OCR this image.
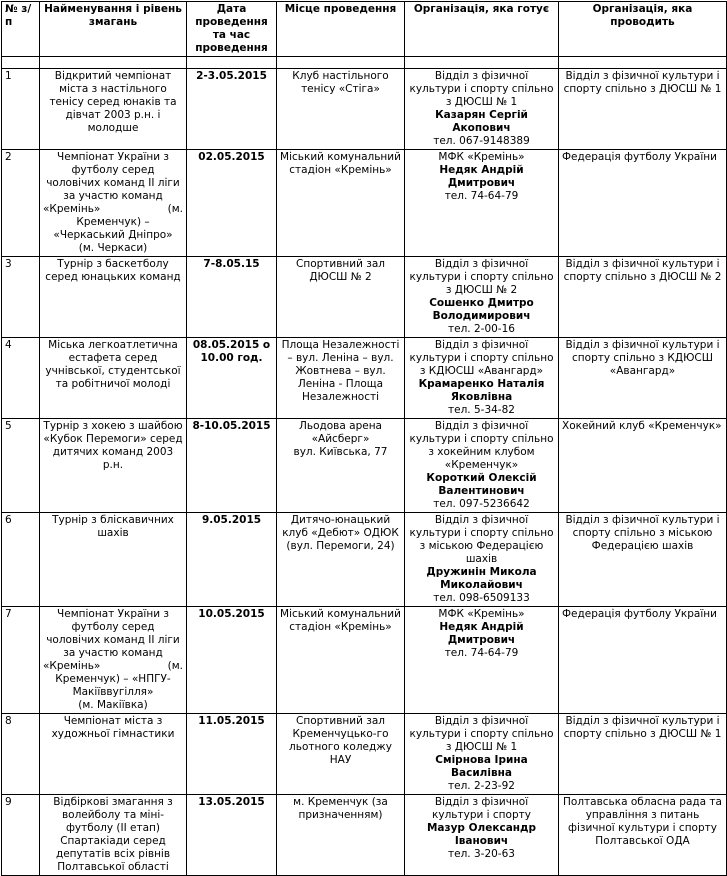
№ з/п	Найменування і рівень змагань	Дата проведення та час проведення	Місце проведення	Організація, яка готує	Організація, яка проводить

1	Відкритий чемпіонат міста з настільного тенісу серед юнаків та дівчат 2003 р.н. і молодше	2-3.05.2015	Клуб настільного тенісу «Стіга»	Відділ з фізичної культури і спорту спільно з ДЮСШ № 1
Казарян Сергій Акопович
тел. 067-9148389	Відділ з фізичної культури і спорту спільно з ДЮСШ № 1
2	Чемпіонат України з футболу серед чоловічих команд ІІ ліги за участю команд
«Кремінь» (м.
Кременчук) – «Черкаський Дніпро»
(м. Черкаси)	02.05.2015	Міський комунальний стадіон «Кремінь»	МФК «Кремінь»
Недяк Андрій Дмитрович
тел. 74-64-79	Федерація футболу України
3	Турнір з баскетболу серед юнацьких команд	7-8.05.15	Спортивний зал ДЮСШ № 2	Відділ з фізичної культури і спорту спільно з ДЮСШ № 2
Сошенко Дмитро Володимирович
тел. 2-00-16	Відділ з фізичної культури і спорту спільно з ДЮСШ № 2
4	Міська легкоатлетична естафета серед учнівської, студентської та робітничої молоді	08.05.2015 о 10.00 год.	Площа Незалежності – вул. Леніна – вул. Жовтнева – вул. Леніна - Площа Незалежності	Відділ з фізичної культури і спорту спільно з КДЮСШ «Авангард»
Крамаренко Наталія Яковлівна
тел. 5-34-82	Відділ з фізичної культури і спорту спільно з КДЮСШ «Авангард»
5	Турнір з хокею з шайбою «Кубок Перемоги» серед дитячих команд 2003 р.н.	8-10.05.2015	Льодова арена «Айсберг»
вул. Київська, 77	Відділ з фізичної культури і спорту спільно з хокейним клубом «Кременчук»
Короткий Олексій Валентинович
тел. 097-5236642	Хокейний клуб «Кременчук»
6	Турнір з бліскавичних шахів	9.05.2015	Дитячо-юнацький клуб «Дебют» ОДЮК
(вул. Перемоги, 24)	Відділ з фізичної культури і спорту спільно з міською Федерацією шахів
Дружинін Микола Миколайович
тел. 098-6509133	Відділ з фізичної культури і спорту спільно з міською Федерацією шахів
7	Чемпіонат України з футболу серед чоловічих команд ІІ ліги за участю команд
«Кремінь» (м.
Кременчук) – «НПГУ-Макіїввугілля»
(м. Макіївка)	10.05.2015	Міський комунальний стадіон «Кремінь»	МФК «Кремінь»
Недяк Андрій Дмитрович
тел. 74-64-79	Федерація футболу України
8	Чемпіонат міста з художньої гімнастики	11.05.2015	Спортивний зал Кременчуцько-го льотного коледжу НАУ	Відділ з фізичної культури і спорту спільно з ДЮСШ № 1
Смірнова Ірина Василівна
тел. 2-23-92	Відділ з фізичної культури і спорту спільно з ДЮСШ № 1
9	Відбіркові змагання з волейболу та міні-футболу (ІІ етап) Спартакіади серед депутатів всіх рівнів Полтавської області	13.05.2015	м. Кременчук (за призначенням)	Відділ з фізичної культури і спорту
Мазур Олександр Іванович
тел. 3-20-63	Полтавська обласна рада та управління з питань фізичної культури і спорту Полтавської ОДА
